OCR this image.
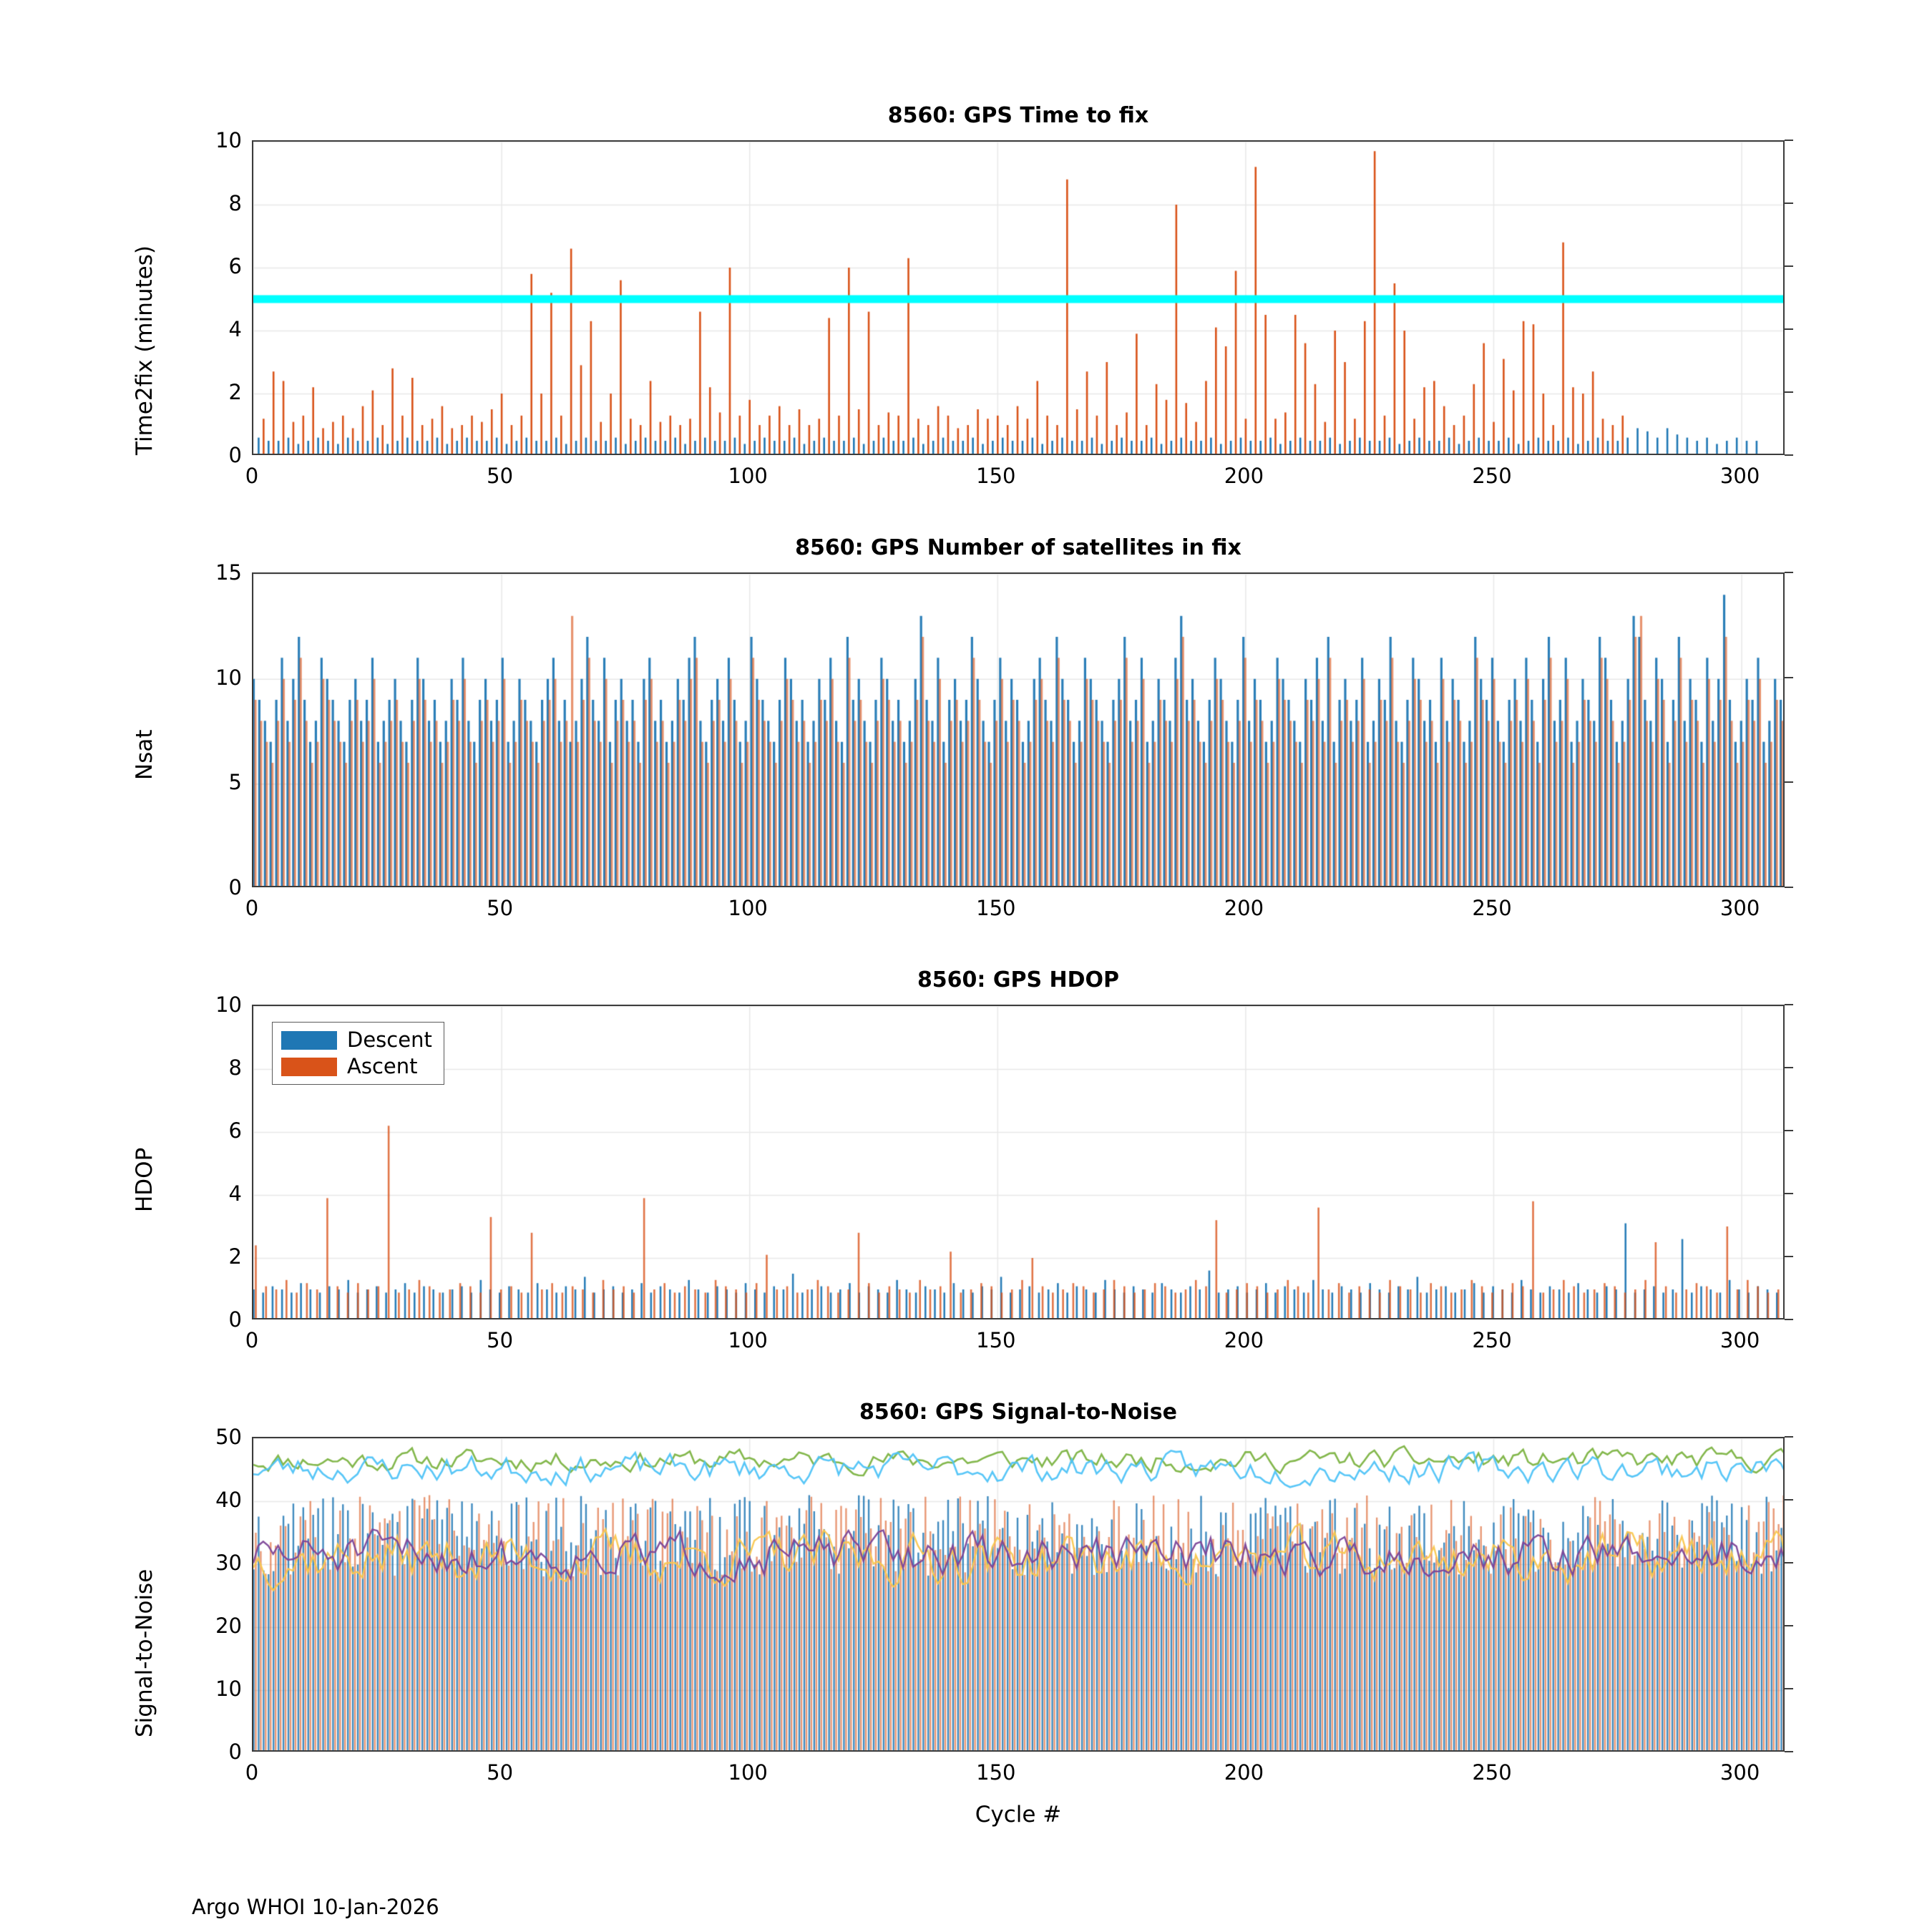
8560: GPS Time to fix
Time2fix (minutes)	0
2
4
6
8
10
0	50	100	150	200	250	300
8560: GPS Number of satellites in fix
Nsat
0
5
10
15
0	50	100	150	200	250	300
8560: GPS HDOP
HDOP
Descent
Ascent
0
2
4
6
8
10
0	50	100	150	200	250	300
8560: GPS Signal-to-Noise
Signal-to-Noise
0
10
20
30
40
50
0	50	100	150	200	250	300
Cycle #
Argo WHOI 10-Jan-2026
